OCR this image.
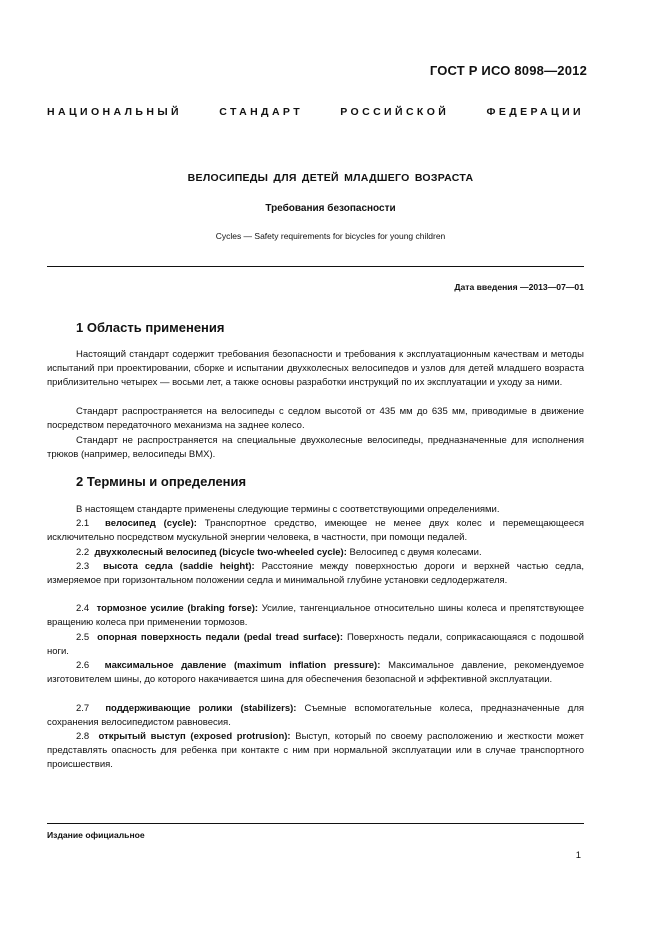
ГОСТ Р ИСО 8098—2012
НАЦИОНАЛЬНЫЙ СТАНДАРТ РОССИЙСКОЙ ФЕДЕРАЦИИ
ВЕЛОСИПЕДЫ ДЛЯ ДЕТЕЙ МЛАДШЕГО ВОЗРАСТА
Требования безопасности
Cycles — Safety requirements for bicycles for young children
Дата введения —2013—07—01
1 Область применения

Настоящий стандарт содержит требования безопасности и требования к эксплуатационным качествам и методы испытаний при проектировании, сборке и испытании двухколесных велосипедов и узлов для детей младшего возраста приблизительно четырех — восьми лет, а также основы разработки инструкций по их эксплуатации и уходу за ними.

Стандарт распространяется на велосипеды с седлом высотой от 435 мм до 635 мм, приводимые в движение посредством передаточного механизма на заднее колесо.

Стандарт не распространяется на специальные двухколесные велосипеды, предназначенные для исполнения трюков (например, велосипеды ВМХ).

2 Термины и определения

В настоящем стандарте применены следующие термины с соответствующими определениями.

2.1 велосипед (cycle): Транспортное средство, имеющее не менее двух колес и перемещающееся исключительно посредством мускульной энергии человека, в частности, при помощи педалей.

2.2 двухколесный велосипед (bicycle two-wheeled cycle): Велосипед с двумя колесами.

2.3 высота седла (saddie height): Расстояние между поверхностью дороги и верхней частью седла, измеряемое при горизонтальном положении седла и минимальной глубине установки седлодержателя.

2.4 тормозное усилие (braking forse): Усилие, тангенциальное относительно шины колеса и препятствующее вращению колеса при применении тормозов.

2.5 опорная поверхность педали (pedal tread surface): Поверхность педали, соприкасающаяся с подошвой ноги.

2.6 максимальное давление (maximum inflation pressure): Максимальное давление, рекомендуемое изготовителем шины, до которого накачивается шина для обеспечения безопасной и эффективной эксплуатации.

2.7 поддерживающие ролики (stabilizers): Съемные вспомогательные колеса, предназначенные для сохранения велосипедистом равновесия.

2.8 открытый выступ (exposed protrusion): Выступ, который по своему расположению и жесткости может представлять опасность для ребенка при контакте с ним при нормальной эксплуатации или в случае транспортного происшествия.

Издание официальное
1
